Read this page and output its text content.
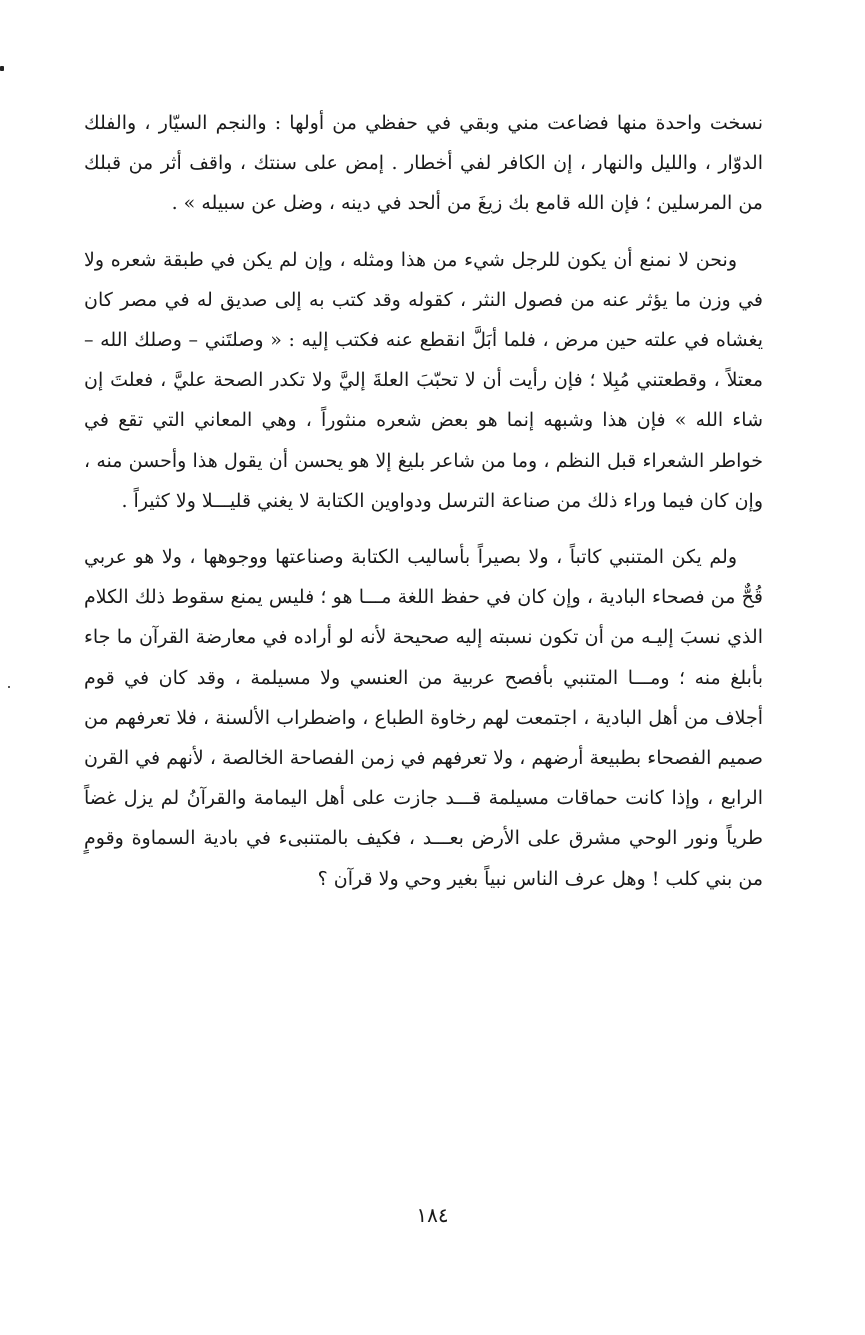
نسخت واحدة منها فضاعت مني وبقي في حفظي من أولها : والنجم السيّار ، والفلك الدوّار ، والليل والنهار ، إن الكافر لفي أخطار . إمض على سنتك ، واقف أثر من قبلك من المرسلين ؛ فإن الله قامع بك زيغَ من ألحد في دينه ، وضل عن سبيله » .

ونحن لا نمنع أن يكون للرجل شيء من هذا ومثله ، وإن لم يكن في طبقة شعره ولا في وزن ما يؤثر عنه من فصول النثر ، كقوله وقد كتب به إلى صديق له في مصر كان يغشاه في علته حين مرض ، فلما أبَلَّ انقطع عنه فكتب إليه : « وصلتَني – وصلك الله – معتلاً ، وقطعتني مُبِلا ؛ فإن رأيت أن لا تحبّبَ العلةَ إليَّ ولا تكدر الصحة عليَّ ، فعلتَ إن شاء الله » فإن هذا وشبهه إنما هو بعض شعره منثوراً ، وهي المعاني التي تقع في خواطر الشعراء قبل النظم ، وما من شاعر بليغ إلا هو يحسن أن يقول هذا وأحسن منه ، وإن كان فيما وراء ذلك من صناعة الترسل ودواوين الكتابة لا يغني قليـــلا ولا كثيراً .

ولم يكن المتنبي كاتباً ، ولا بصيراً بأساليب الكتابة وصناعتها ووجوهها ، ولا هو عربي قُحٌّ من فصحاء البادية ، وإن كان في حفظ اللغة مـــا هو ؛ فليس يمنع سقوط ذلك الكلام الذي نسبَ إليـه من أن تكون نسبته إليه صحيحة لأنه لو أراده في معارضة القرآن ما جاء بأبلغ منه ؛ ومـــا المتنبي بأفصح عربية من العنسي ولا مسيلمة ، وقد كان في قوم أجلاف من أهل البادية ، اجتمعت لهم رخاوة الطباع ، واضطراب الألسنة ، فلا تعرفهم من صميم الفصحاء بطبيعة أرضهم ، ولا تعرفهم في زمن الفصاحة الخالصة ، لأنهم في القرن الرابع ، وإذا كانت حماقات مسيلمة قـــد جازت على أهل اليمامة والقرآنُ لم يزل غضاً طرياً ونور الوحي مشرق على الأرض بعـــد ، فكيف بالمتنبىء في بادية السماوة وقومٍ من بني كلب ! وهل عرف الناس نبياً بغير وحي ولا قرآن ؟

١٨٤
